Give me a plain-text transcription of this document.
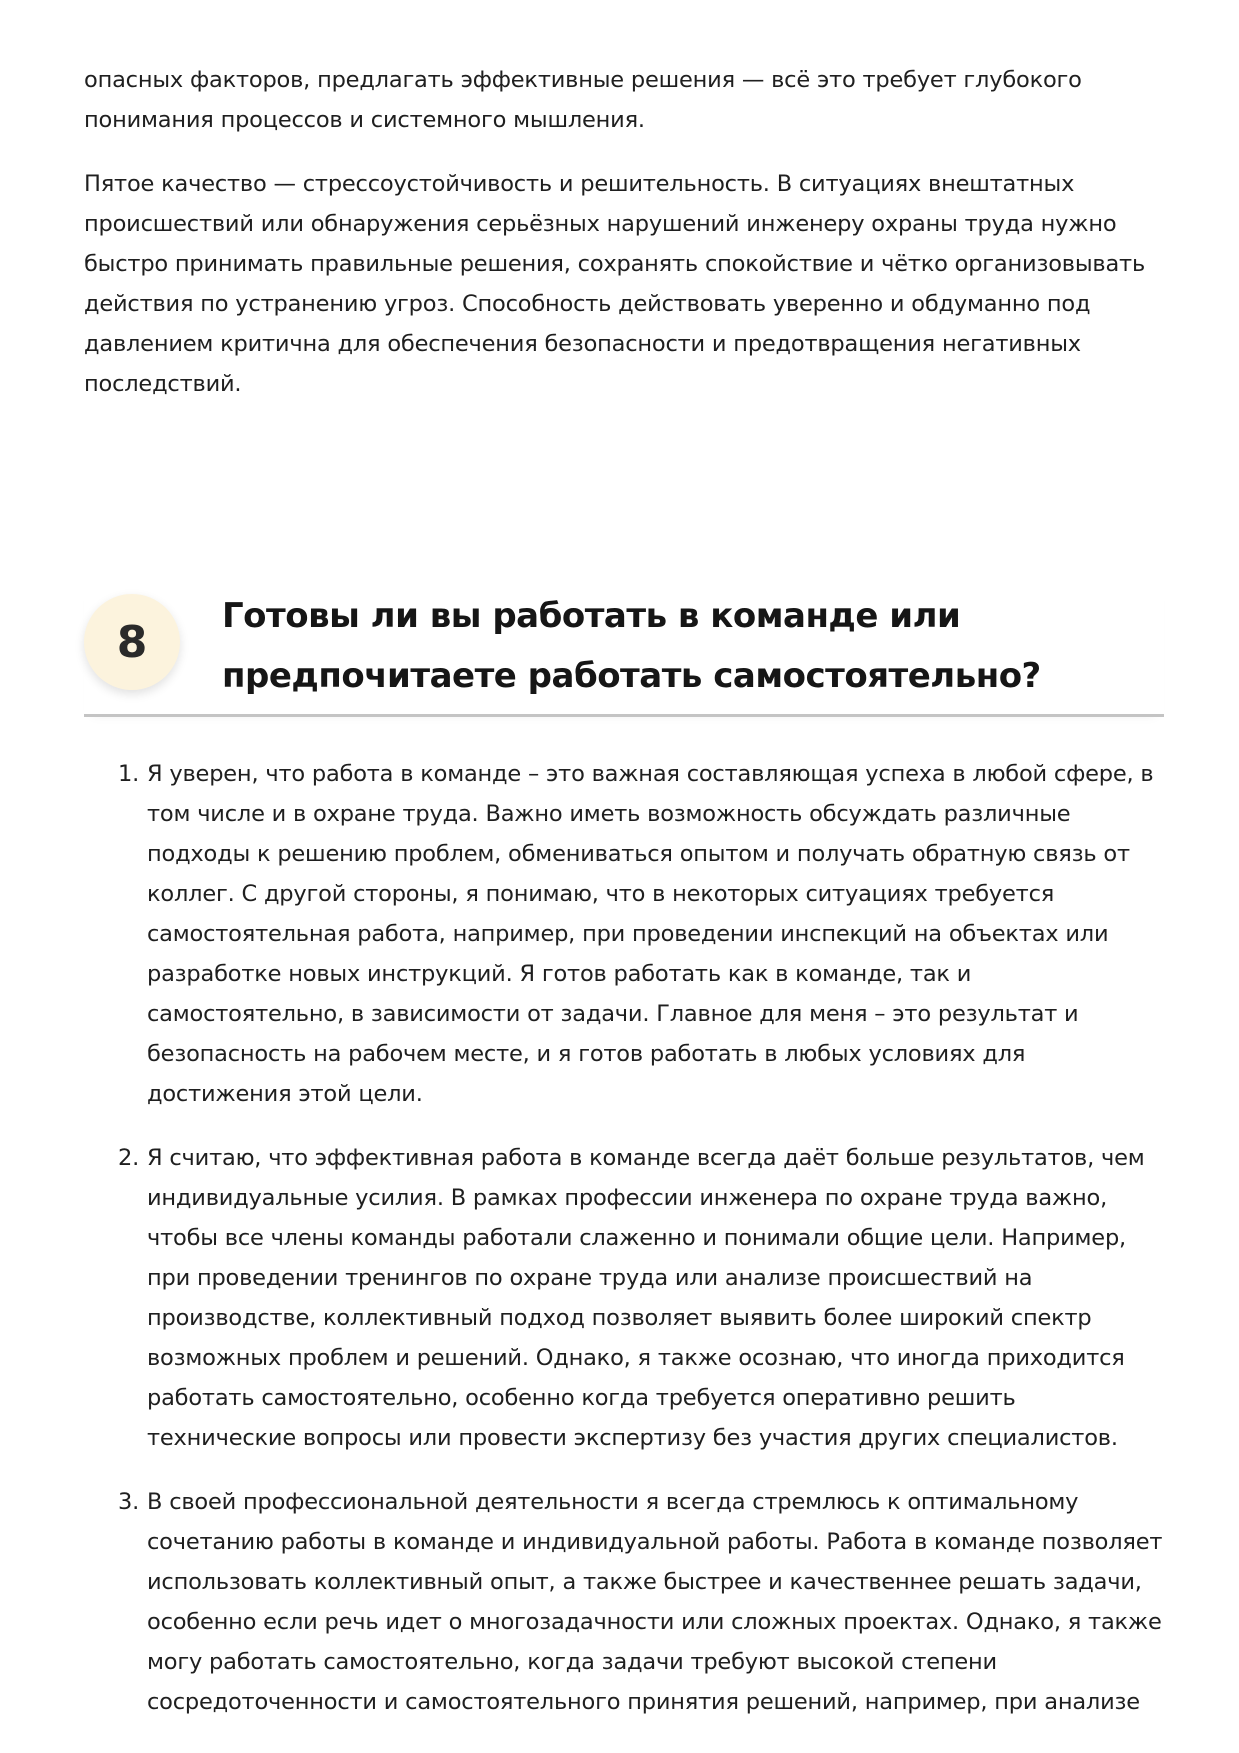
опасных факторов, предлагать эффективные решения — всё это требует глубокого понимания процессов и системного мышления.

Пятое качество — стрессоустойчивость и решительность. В ситуациях внештатных происшествий или обнаружения серьёзных нарушений инженеру охраны труда нужно быстро принимать правильные решения, сохранять спокойствие и чётко организовывать действия по устранению угроз. Способность действовать уверенно и обдуманно под давлением критична для обеспечения безопасности и предотвращения негативных последствий.

8
Готовы ли вы работать в команде или предпочитаете работать самостоятельно?
1. Я уверен, что работа в команде – это важная составляющая успеха в любой сфере, в том числе и в охране труда. Важно иметь возможность обсуждать различные подходы к решению проблем, обмениваться опытом и получать обратную связь от коллег. С другой стороны, я понимаю, что в некоторых ситуациях требуется самостоятельная работа, например, при проведении инспекций на объектах или разработке новых инструкций. Я готов работать как в команде, так и самостоятельно, в зависимости от задачи. Главное для меня – это результат и безопасность на рабочем месте, и я готов работать в любых условиях для достижения этой цели.
2. Я считаю, что эффективная работа в команде всегда даёт больше результатов, чем индивидуальные усилия. В рамках профессии инженера по охране труда важно, чтобы все члены команды работали слаженно и понимали общие цели. Например, при проведении тренингов по охране труда или анализе происшествий на производстве, коллективный подход позволяет выявить более широкий спектр возможных проблем и решений. Однако, я также осознаю, что иногда приходится работать самостоятельно, особенно когда требуется оперативно решить технические вопросы или провести экспертизу без участия других специалистов.
3. В своей профессиональной деятельности я всегда стремлюсь к оптимальному сочетанию работы в команде и индивидуальной работы. Работа в команде позволяет использовать коллективный опыт, а также быстрее и качественнее решать задачи, особенно если речь идет о многозадачности или сложных проектах. Однако, я также могу работать самостоятельно, когда задачи требуют высокой степени сосредоточенности и самостоятельного принятия решений, например, при анализе
